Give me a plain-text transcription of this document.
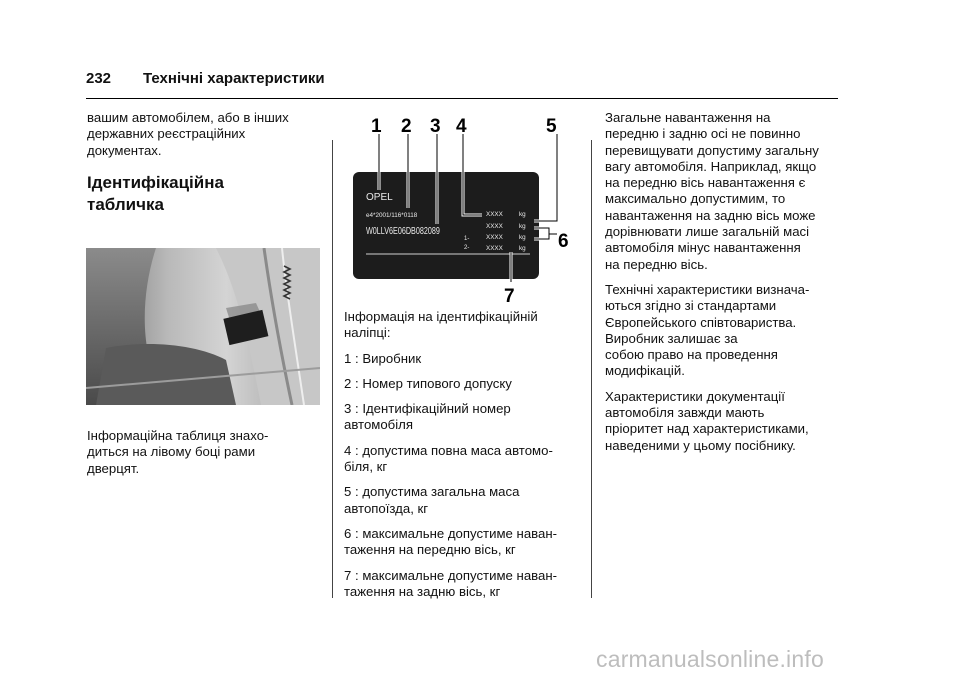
232 Технічні характеристики
вашим автомобілем, або в інших
державних реєстраційних
документах.
Ідентифікаційна
табличка
Інформаційна таблиця знахо-
диться на лівому боці рами
дверцят.
OPEL
e4*2001/116*0118
W0LLV6E06DB082089
1-
2-
XXXX
XXXX
XXXX
XXXX
kg
kg
kg
kg
1 2 3 4	5
6
7

Інформація на ідентифікаційній
наліпці:

1 : Виробник

2 : Номер типового допуску

3 : Ідентифікаційний номер
автомобіля

4 : допустима повна маса автомо-
біля, кг

5 : допустима загальна маса
автопоїзда, кг

6 : максимальне допустиме наван-
таження на передню вісь, кг

7 : максимальне допустиме наван-
таження на задню вісь, кг

Загальне навантаження на
передню і задню осі не повинно
перевищувати допустиму загальну
вагу автомобіля. Наприклад, якщо
на передню вісь навантаження є
максимально допустимим, то
навантаження на задню вісь може
дорівнювати лише загальній масі
автомобіля мінус навантаження
на передню вісь.

Технічні характеристики визнача-
ються згідно зі стандартами
Європейського співтовариства.
Виробник залишає за
собою право на проведення
модифікацій.

Характеристики документації
автомобіля завжди мають
пріоритет над характеристиками,
наведеними у цьому посібнику.

carmanualsonline.info
